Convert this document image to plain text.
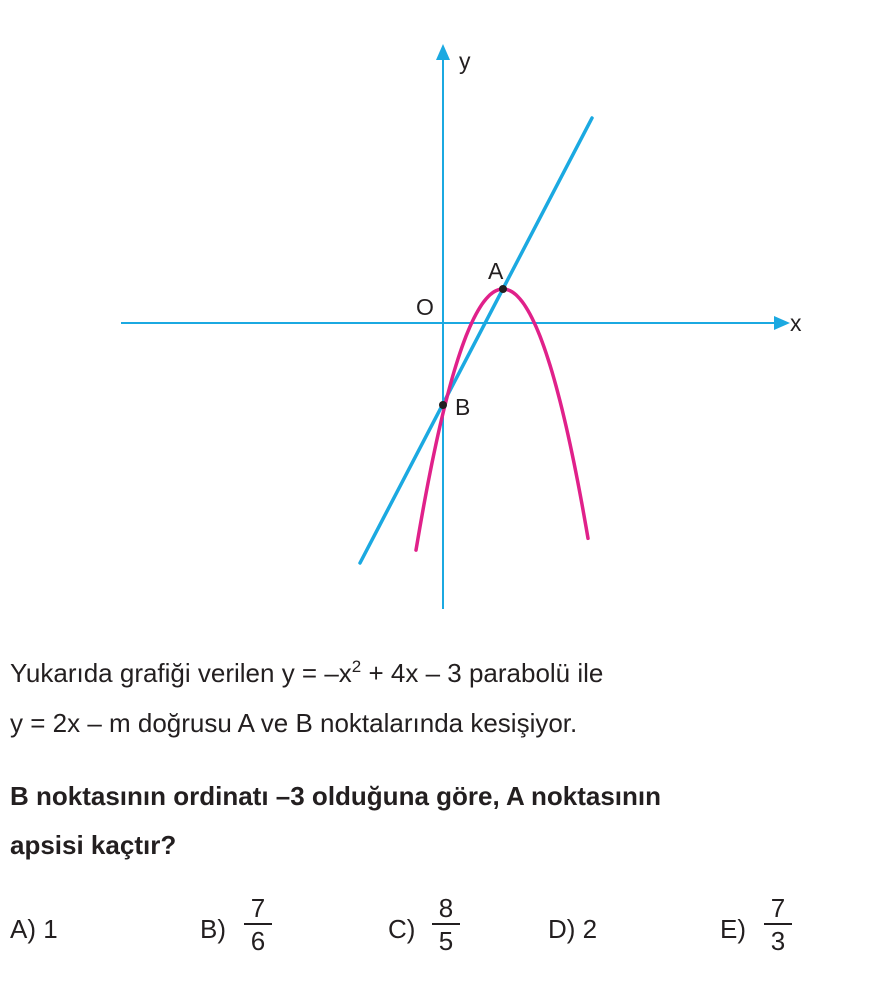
y
x
O
A
B
Yukarıda grafiği verilen $y = -x^2 + 4x - 3$ parabolü ile
y = 2x – m doğrusu A ve B noktalarında kesişiyor.
B noktasının ordinatı –3 olduğuna göre, A noktasının
apsisi kaçtır?
A) 1	B)
7
6	C)
8
5	D) 2	E)
7
3
